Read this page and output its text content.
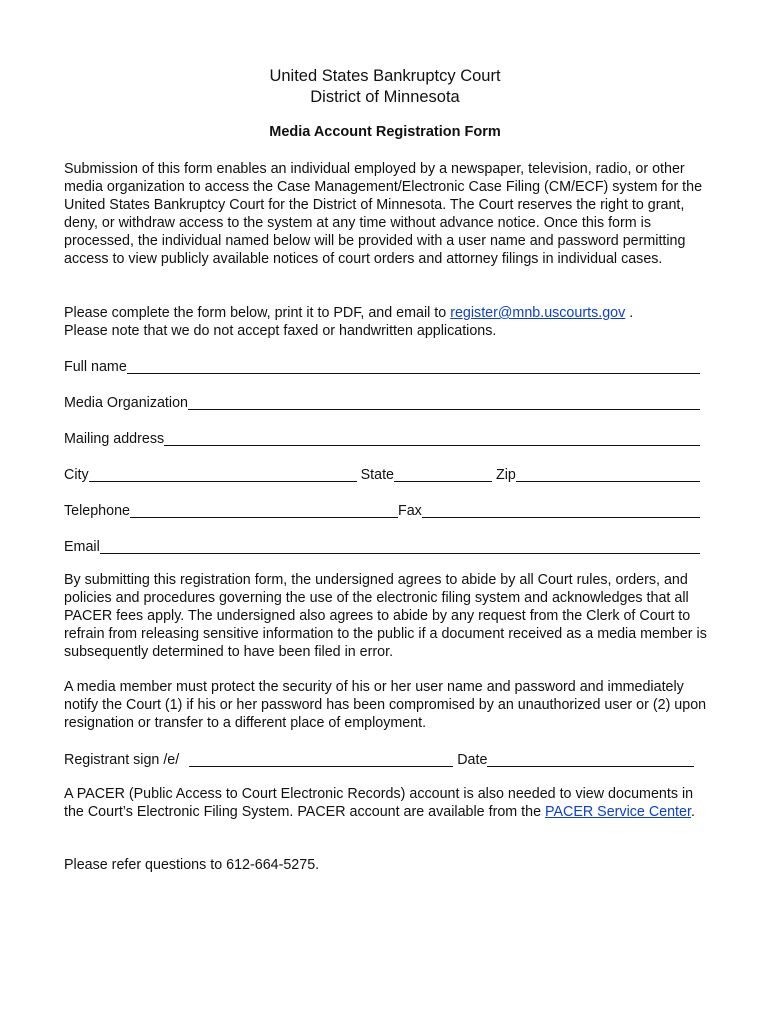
United States Bankruptcy Court
District of Minnesota
Media Account Registration Form

Submission of this form enables an individual employed by a newspaper, television, radio, or other media organization to access the Case Management/Electronic Case Filing (CM/ECF) system for the United States Bankruptcy Court for the District of Minnesota. The Court reserves the right to grant, deny, or withdraw access to the system at any time without advance notice. Once this form is processed, the individual named below will be provided with a user name and password permitting access to view publicly available notices of court orders and attorney filings in individual cases.

Please complete the form below, print it to PDF, and email to register@mnb.uscourts.gov .
Please note that we do not accept faxed or handwritten applications.

Full name
Media Organization
Mailing address
City	State	Zip
Telephone	Fax
Email

By submitting this registration form, the undersigned agrees to abide by all Court rules, orders, and policies and procedures governing the use of the electronic filing system and acknowledges that all PACER fees apply. The undersigned also agrees to abide by any request from the Clerk of Court to refrain from releasing sensitive information to the public if a document received as a media member is subsequently determined to have been filed in error.

A media member must protect the security of his or her user name and password and immediately notify the Court (1) if his or her password has been compromised by an unauthorized user or (2) upon resignation or transfer to a different place of employment.

Registrant sign /e/	Date

A PACER (Public Access to Court Electronic Records) account is also needed to view documents in the Court’s Electronic Filing System. PACER account are available from the PACER Service Center.

Please refer questions to 612-664-5275.
